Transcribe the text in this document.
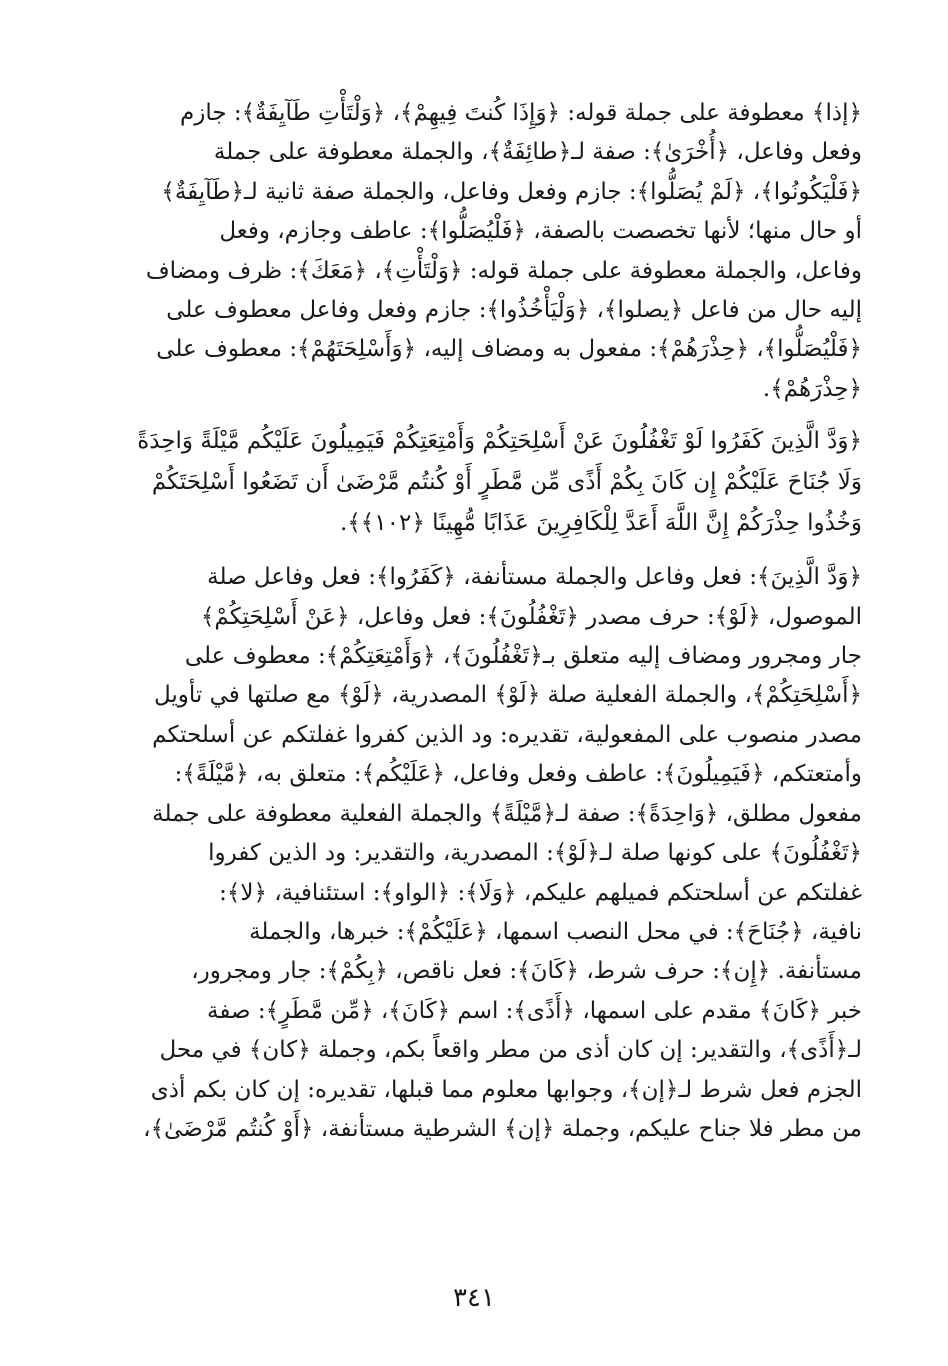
﴿إذا﴾ معطوفة على جملة قوله: ﴿وَإِذَا كُنتَ فِيهِمْ﴾، ﴿وَلْتَأْتِ طَآيِفَةٌ﴾: جازم
وفعل وفاعل، ﴿أُخْرَىٰ﴾: صفة لـ﴿طائِفَةٌ﴾، والجملة معطوفة على جملة
﴿فَلْيَكُونُوا﴾، ﴿لَمْ يُصَلُّوا﴾: جازم وفعل وفاعل، والجملة صفة ثانية لـ﴿طَآيِفَةٌ﴾
أو حال منها؛ لأنها تخصصت بالصفة، ﴿فَلْيُصَلُّوا﴾: عاطف وجازم، وفعل
وفاعل، والجملة معطوفة على جملة قوله: ﴿وَلْتَأْتِ﴾، ﴿مَعَكَ﴾: ظرف ومضاف
إليه حال من فاعل ﴿يصلوا﴾، ﴿وَلْيَأْخُذُوا﴾: جازم وفعل وفاعل معطوف على
﴿فَلْيُصَلُّوا﴾، ﴿حِذْرَهُمْ﴾: مفعول به ومضاف إليه، ﴿وَأَسْلِحَتَهُمْ﴾: معطوف على
﴿حِذْرَهُمْ﴾.

﴿وَدَّ الَّذِينَ كَفَرُوا لَوْ تَغْفُلُونَ عَنْ أَسْلِحَتِكُمْ وَأَمْتِعَتِكُمْ فَيَمِيلُونَ عَلَيْكُم مَّيْلَةً وَاحِدَةً
وَلَا جُنَاحَ عَلَيْكُمْ إِن كَانَ بِكُمْ أَذًى مِّن مَّطَرٍ أَوْ كُنتُم مَّرْضَىٰ أَن تَضَعُوا أَسْلِحَتَكُمْ
وَخُذُوا حِذْرَكُمْ إِنَّ اللَّهَ أَعَدَّ لِلْكَافِرِينَ عَذَابًا مُّهِينًا ﴿١٠٢﴾﴾.

﴿وَدَّ الَّذِينَ﴾: فعل وفاعل والجملة مستأنفة، ﴿كَفَرُوا﴾: فعل وفاعل صلة
الموصول، ﴿لَوْ﴾: حرف مصدر ﴿تَغْفُلُونَ﴾: فعل وفاعل، ﴿عَنْ أَسْلِحَتِكُمْ﴾
جار ومجرور ومضاف إليه متعلق بـ﴿تَغْفُلُونَ﴾، ﴿وَأَمْتِعَتِكُمْ﴾: معطوف على
﴿أَسْلِحَتِكُمْ﴾، والجملة الفعلية صلة ﴿لَوْ﴾ المصدرية، ﴿لَوْ﴾ مع صلتها في تأويل
مصدر منصوب على المفعولية، تقديره: ود الذين كفروا غفلتكم عن أسلحتكم
وأمتعتكم، ﴿فَيَمِيلُونَ﴾: عاطف وفعل وفاعل، ﴿عَلَيْكُم﴾: متعلق به، ﴿مَّيْلَةً﴾:
مفعول مطلق، ﴿وَاحِدَةً﴾: صفة لـ﴿مَّيْلَةً﴾ والجملة الفعلية معطوفة على جملة
﴿تَغْفُلُونَ﴾ على كونها صلة لـ﴿لَوْ﴾: المصدرية، والتقدير: ود الذين كفروا
غفلتكم عن أسلحتكم فميلهم عليكم، ﴿وَلَا﴾: ﴿الواو﴾: استئنافية، ﴿لا﴾:
نافية، ﴿جُنَاحَ﴾: في محل النصب اسمها، ﴿عَلَيْكُمْ﴾: خبرها، والجملة
مستأنفة. ﴿إِن﴾: حرف شرط، ﴿كَانَ﴾: فعل ناقص، ﴿بِكُمْ﴾: جار ومجرور،
خبر ﴿كَانَ﴾ مقدم على اسمها، ﴿أَذًى﴾: اسم ﴿كَانَ﴾، ﴿مِّن مَّطَرٍ﴾: صفة
لـ﴿أَذًى﴾، والتقدير: إن كان أذى من مطر واقعاً بكم، وجملة ﴿كان﴾ في محل
الجزم فعل شرط لـ﴿إن﴾، وجوابها معلوم مما قبلها، تقديره: إن كان بكم أذى
من مطر فلا جناح عليكم، وجملة ﴿إن﴾ الشرطية مستأنفة، ﴿أَوْ كُنتُم مَّرْضَىٰ﴾،

٣٤١
